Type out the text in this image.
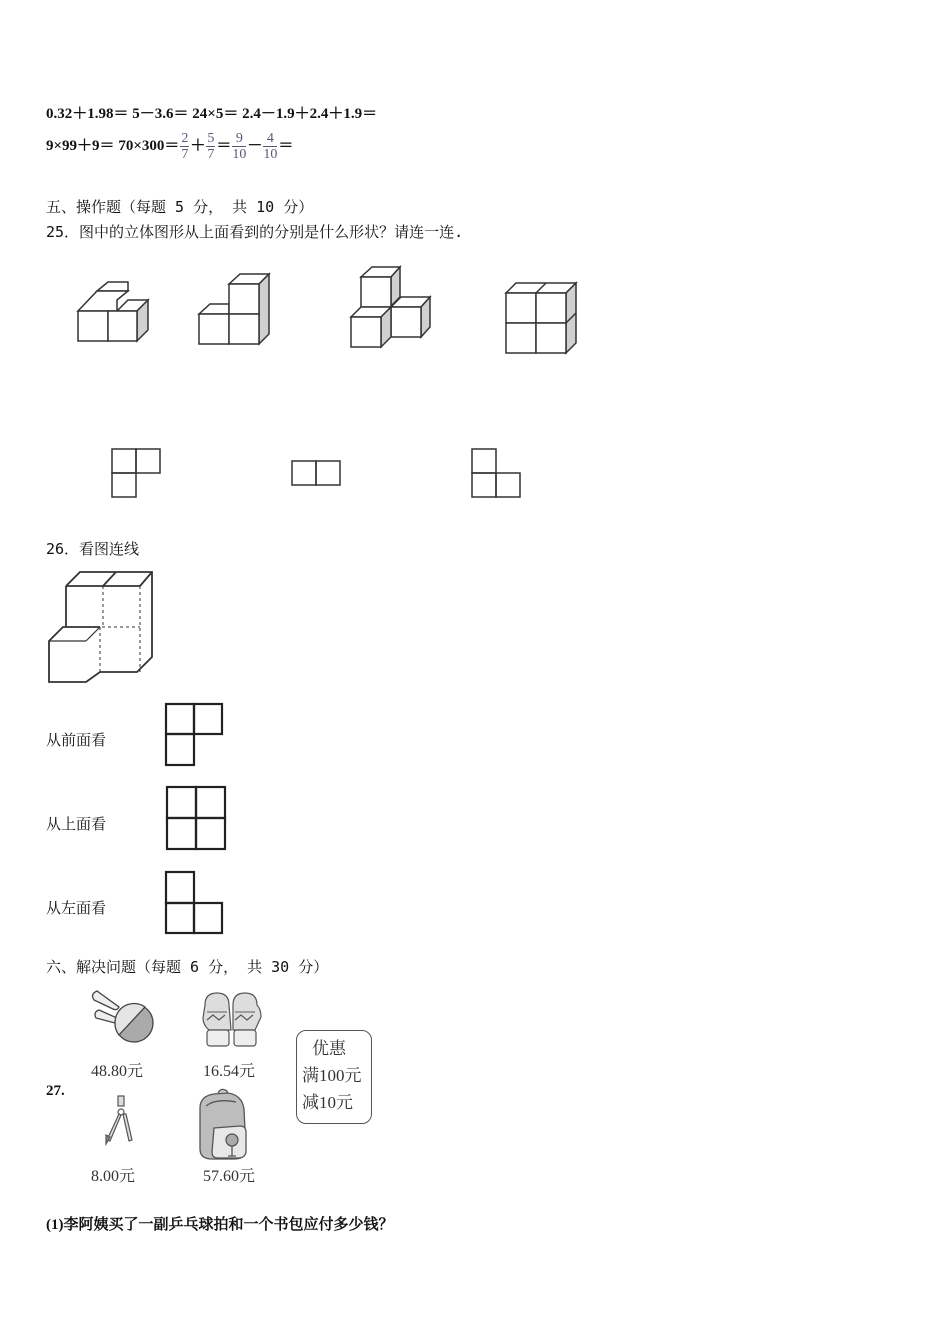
0.32＋1.98＝ 5－3.6＝ 24×5＝ 2.4－1.9＋2.4＋1.9＝
$9\times 99+9= 70\times 300= \frac{2}{7} + \frac{5}{7} = \frac{9}{10} - \frac{4}{10}$ ＝
五、操作题（每题 5 分， 共 10 分）
25．图中的立体图形从上面看到的分别是什么形状？请连一连.
26．看图连线
从前面看
从上面看
从左面看
六、解决问题（每题 6 分， 共 30 分）
48.80元	16.54元
8.00元	57.60元
27.
优惠
满100元
减10元
(1)李阿姨买了一副乒乓球拍和一个书包应付多少钱？
